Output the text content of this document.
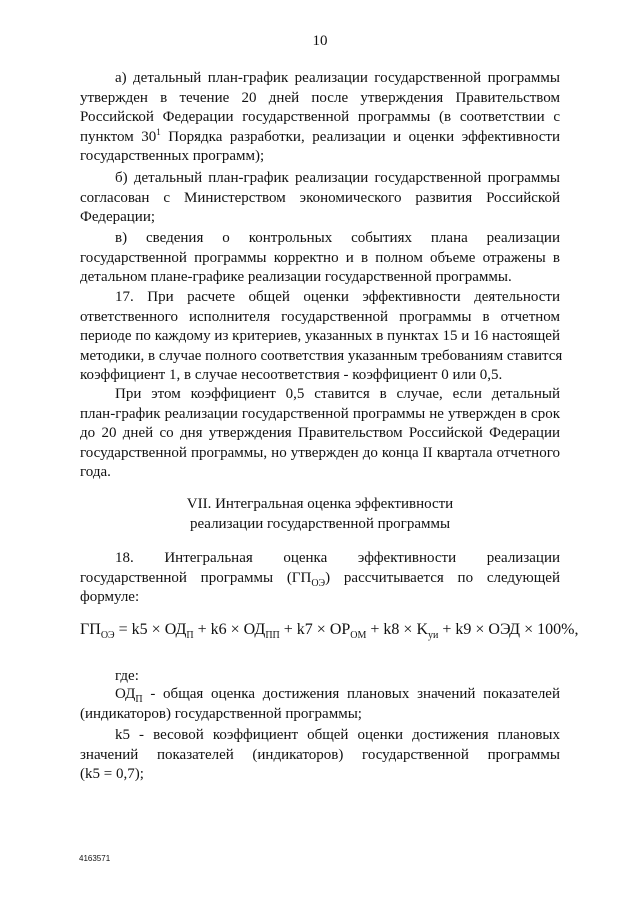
10
а) детальный план-график реализации государственной программы
утвержден в течение 20 дней после утверждения Правительством
Российской Федерации государственной программы (в соответствии с
пунктом $30^1$ Порядка разработки, реализации и оценки эффективности
государственных программ);
б) детальный план-график реализации государственной программы
согласован с Министерством экономического развития Российской
Федерации;
в) сведения о контрольных событиях плана реализации
государственной программы корректно и в полном объеме отражены в
детальном плане-графике реализации государственной программы.
17. При расчете общей оценки эффективности деятельности
ответственного исполнителя государственной программы в отчетном
периоде по каждому из критериев, указанных в пунктах 15 и 16 настоящей
методики, в случае полного соответствия указанным требованиям ставится
коэффициент 1, в случае несоответствия - коэффициент 0 или 0,5.
При этом коэффициент 0,5 ставится в случае, если детальный
план-график реализации государственной программы не утвержден в срок
до 20 дней со дня утверждения Правительством Российской Федерации
государственной программы, но утвержден до конца II квартала отчетного
года.
VII. Интегральная оценка эффективности
реализации государственной программы
18. Интегральная оценка эффективности реализации
государственной программы $(ГП_{ОЭ})$ рассчитывается по следующей
формуле:
$ГП_{ОЭ} = k5 \times ОД_П + k6 \times ОД_{ПП} + k7 \times ОР_{ОМ} + k8 \times K_{уи} + k9$ × ОЭД × 100%,
где:
$ОД_П$ - общая оценка достижения плановых значений показателей
(индикаторов) государственной программы;
k5 - весовой коэффициент общей оценки достижения плановых
значений показателей (индикаторов) государственной программы
(k5 = 0,7);
4163571
